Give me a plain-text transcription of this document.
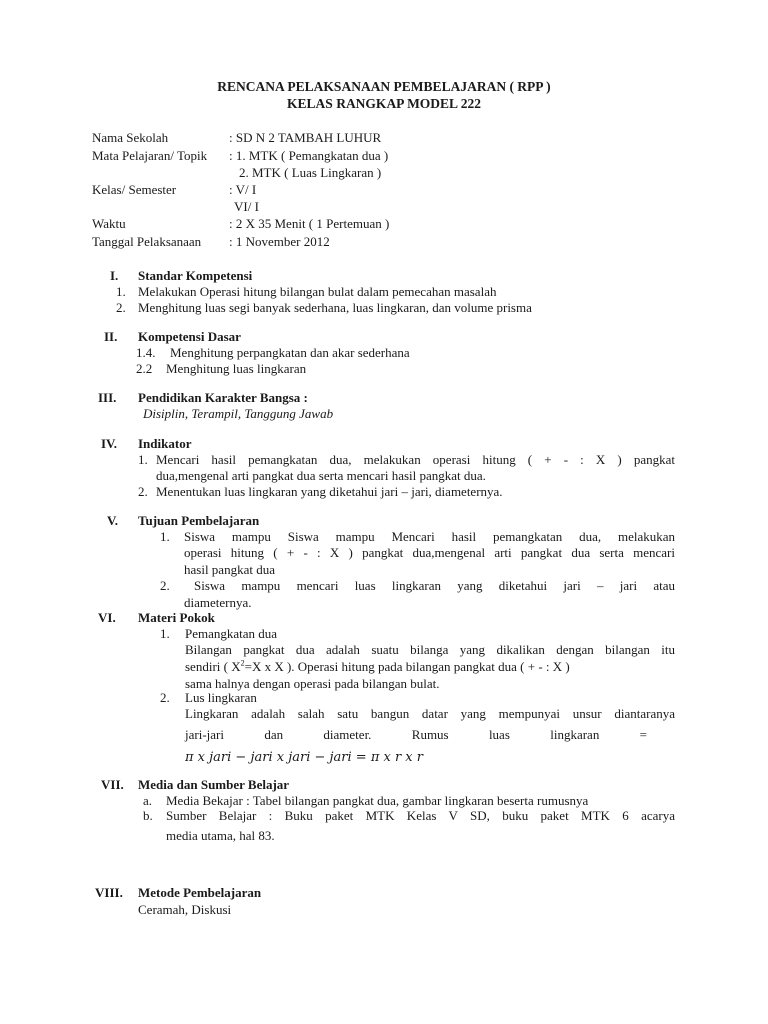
RENCANA PELAKSANAAN PEMBELAJARAN ( RPP )
KELAS RANGKAP MODEL 222
Nama Sekolah	: SD N 2 TAMBAH LUHUR
Mata Pelajaran/ Topik : 1. MTK ( Pemangkatan dua )
2. MTK ( Luas Lingkaran )
Kelas/ Semester	: V/ I
VI/ I
Waktu	: 2 X 35 Menit ( 1 Pertemuan )
Tanggal Pelaksanaan : 1 November 2012
I. Standar Kompetensi
1. Melakukan Operasi hitung bilangan bulat dalam pemecahan masalah
2. Menghitung luas segi banyak sederhana, luas lingkaran, dan volume prisma
II. Kompetensi Dasar
1.4. Menghitung perpangkatan dan akar sederhana
2.2 Menghitung luas lingkaran
III. Pendidikan Karakter Bangsa :
Disiplin, Terampil, Tanggung Jawab
IV. Indikator
1. Mencari hasil pemangkatan dua, melakukan operasi hitung ( + - : X ) pangkat
dua,mengenal arti pangkat dua serta mencari hasil pangkat dua.
2. Menentukan luas lingkaran yang diketahui jari – jari, diameternya.
V. Tujuan Pembelajaran
1. Siswa mampu Siswa mampu Mencari hasil pemangkatan dua, melakukan
operasi hitung ( + - : X ) pangkat dua,mengenal arti pangkat dua serta mencari
hasil pangkat dua
2. Siswa mampu mencari luas lingkaran yang diketahui jari – jari atau
diameternya.
VI. Materi Pokok
1. Pemangkatan dua
Bilangan pangkat dua adalah suatu bilanga yang dikalikan dengan bilangan itu
sendiri ( $X^2=X$ x X ). Operasi hitung pada bilangan pangkat dua ( + - : X )
sama halnya dengan operasi pada bilangan bulat.
2. Lus lingkaran
Lingkaran adalah salah satu bangun datar yang mempunyai unsur diantaranya
jari-jari dan diameter. Rumus luas lingkaran =
π x jari − jari x jari − jari = π x r x r
VII. Media dan Sumber Belajar
a. Media Bekajar : Tabel bilangan pangkat dua, gambar lingkaran beserta rumusnya
b. Sumber Belajar : Buku paket MTK Kelas V SD, buku paket MTK 6 acarya
media utama, hal 83.
VIII. Metode Pembelajaran
Ceramah, Diskusi
